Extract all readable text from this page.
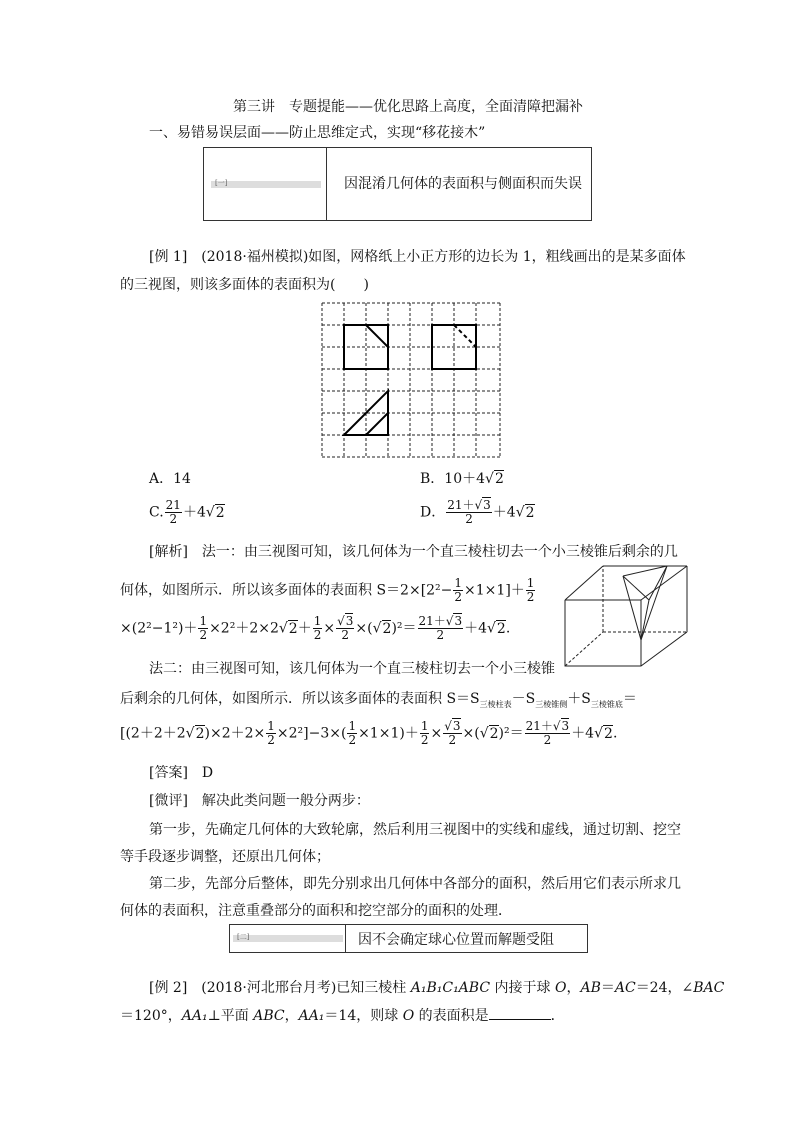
第三讲　专题提能——优化思路上高度，全面清障把漏补
一、易错易误层面——防止思维定式，实现“移花接木”
[一]	因混淆几何体的表面积与侧面积而失误
[例 1]　(2018·福州模拟)如图，网格纸上小正方形的边长为 1，粗线画出的是某多面体
的三视图，则该多面体的表面积为(　　)
A．14	B．10＋4√2
C. $\frac{21}{2} +4√2$	D． $\frac{21+√3}{2} +4√2$
[解析]　法一：由三视图可知，该几何体为一个直三棱柱切去一个小三棱锥后剩余的几
何体，如图所示．所以该多面体的表面积 $S=2\times[2^2- \frac{1}{2} \times 1\times 1]+ \frac{1}{2}$
$\times(2^2-1^2)+ \frac{1}{2} \times 2^2+2\times 2√2+ \frac{1}{2} \times \frac{√3}{2} \times(√2)^2= \frac{21+√3}{2} +4√2$.
法二：由三视图可知，该几何体为一个直三棱柱切去一个小三棱锥
后剩余的几何体，如图所示．所以该多面体的表面积 $S=S_{三棱柱表}-S_{三棱锥侧}+S_{三棱锥底}=$
$[(2+2+2√2)\times 2+2\times \frac{1}{2} \times 2^2]-3\times( \frac{1}{2} \times 1\times 1)+ \frac{1}{2} \times \frac{√3}{2} \times(√2)^2= \frac{21+√3}{2} +4√2$.
[答案]　D
[微评]　解决此类问题一般分两步：
第一步，先确定几何体的大致轮廓，然后利用三视图中的实线和虚线，通过切割、挖空
等手段逐步调整，还原出几何体；
第二步，先部分后整体，即先分别求出几何体中各部分的面积，然后用它们表示所求几
何体的表面积，注意重叠部分的面积和挖空部分的面积的处理．
[二]	因不会确定球心位置而解题受阻
[例 2]　(2018·河北邢台月考)已知三棱柱 A₁B₁C₁ABC 内接于球 O，AB＝AC＝24，∠BAC
＝120°，AA₁⊥平面 ABC，AA₁＝14，则球 O 的表面积是	．
